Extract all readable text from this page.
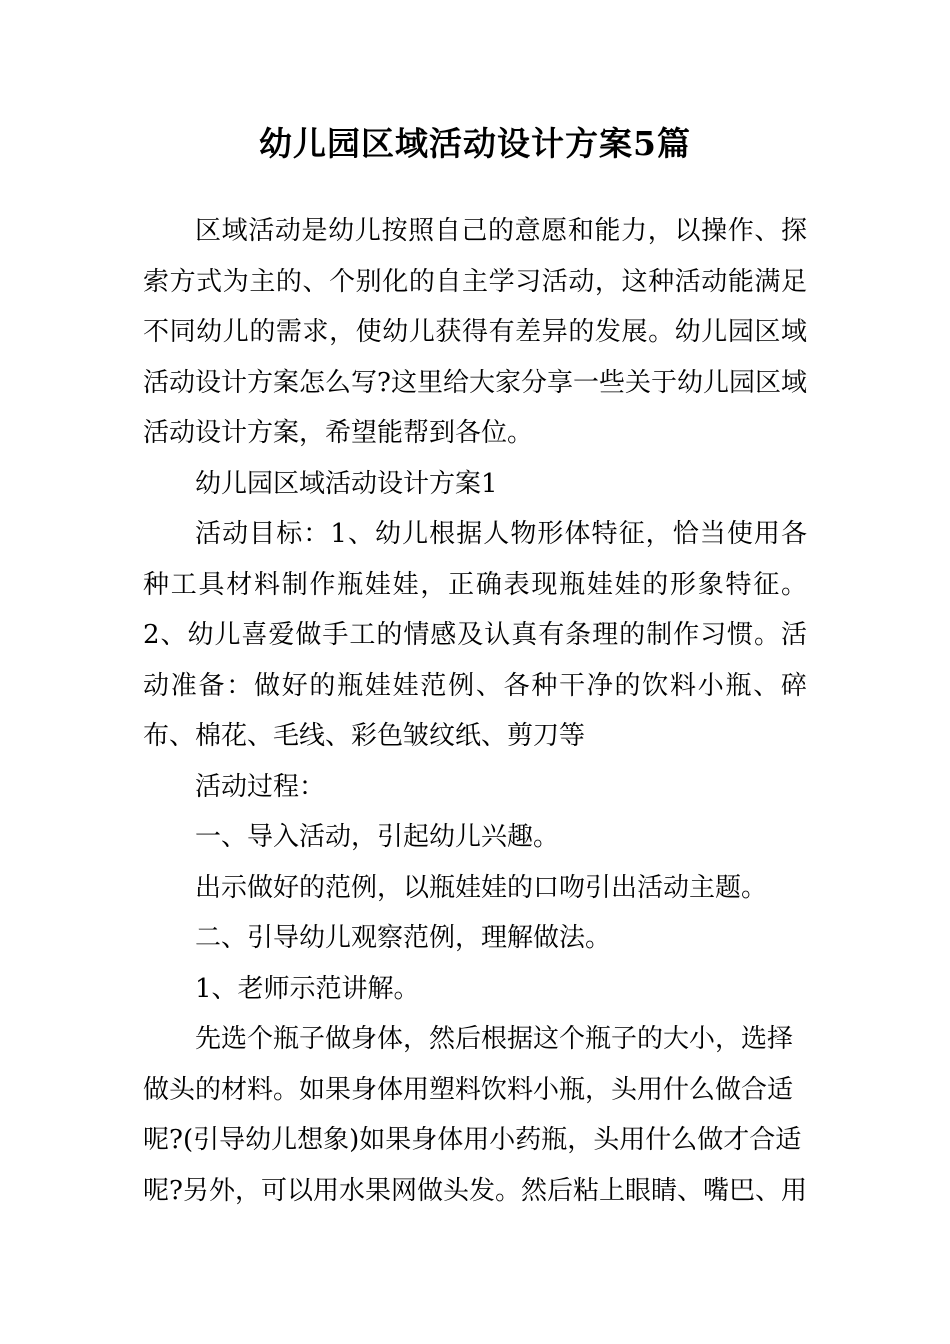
幼儿园区域活动设计方案5篇

区域活动是幼儿按照自己的意愿和能力，以操作、探索方式为主的、个别化的自主学习活动，这种活动能满足不同幼儿的需求，使幼儿获得有差异的发展。幼儿园区域活动设计方案怎么写?这里给大家分享一些关于幼儿园区域活动设计方案，希望能帮到各位。

幼儿园区域活动设计方案1

活动目标：1、幼儿根据人物形体特征，恰当使用各种工具材料制作瓶娃娃，正确表现瓶娃娃的形象特征。 2、幼儿喜爱做手工的情感及认真有条理的制作习惯。活动准备：做好的瓶娃娃范例、各种干净的饮料小瓶、碎布、棉花、毛线、彩色皱纹纸、剪刀等

活动过程：

一、导入活动，引起幼儿兴趣。

出示做好的范例，以瓶娃娃的口吻引出活动主题。

二、引导幼儿观察范例，理解做法。

1、老师示范讲解。

先选个瓶子做身体，然后根据这个瓶子的大小，选择做头的材料。如果身体用塑料饮料小瓶，头用什么做合适呢?(引导幼儿想象)如果身体用小药瓶，头用什么做才合适呢?另外，可以用水果网做头发。然后粘上眼睛、嘴巴、用
